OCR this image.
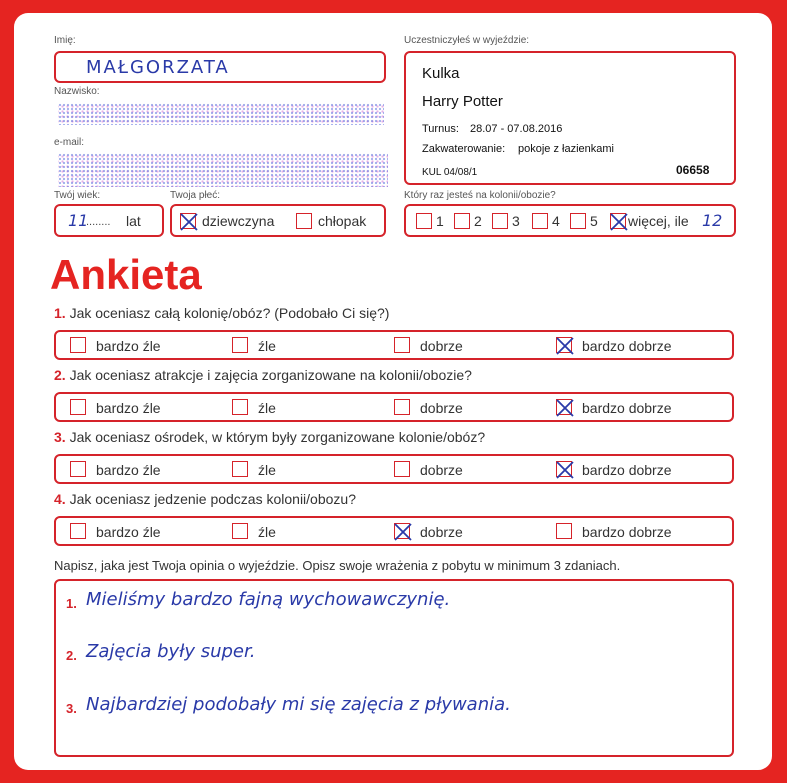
Imię:
MAŁGORZATA
Nazwisko:
e-mail:
Uczestniczyłeś w wyjeździe:
Kulka
Harry Potter
Turnus: 28.07 - 07.08.2016
Zakwaterowanie: pokoje z łazienkami
KUL 04/08/1	06658
Twój wiek:
11
........ lat
Twoja płeć:
dziewczyna	chłopak
Który raz jesteś na kolonii/obozie?
1 2 3 4 5 więcej, ile 12
Ankieta
1. Jak oceniasz całą kolonię/obóz? (Podobało Ci się?)
bardzo źle	źle	dobrze	bardzo dobrze
2. Jak oceniasz atrakcje i zajęcia zorganizowane na kolonii/obozie?
bardzo źle	źle	dobrze	bardzo dobrze
3. Jak oceniasz ośrodek, w którym były zorganizowane kolonie/obóz?
bardzo źle	źle	dobrze	bardzo dobrze
4. Jak oceniasz jedzenie podczas kolonii/obozu?
bardzo źle	źle	dobrze	bardzo dobrze
Napisz, jaka jest Twoja opinia o wyjeździe. Opisz swoje wrażenia z pobytu w minimum 3 zdaniach.
1. Mieliśmy bardzo fajną wychowawczynię.
2. Zajęcia były super.
3. Najbardziej podobały mi się zajęcia z pływania.
